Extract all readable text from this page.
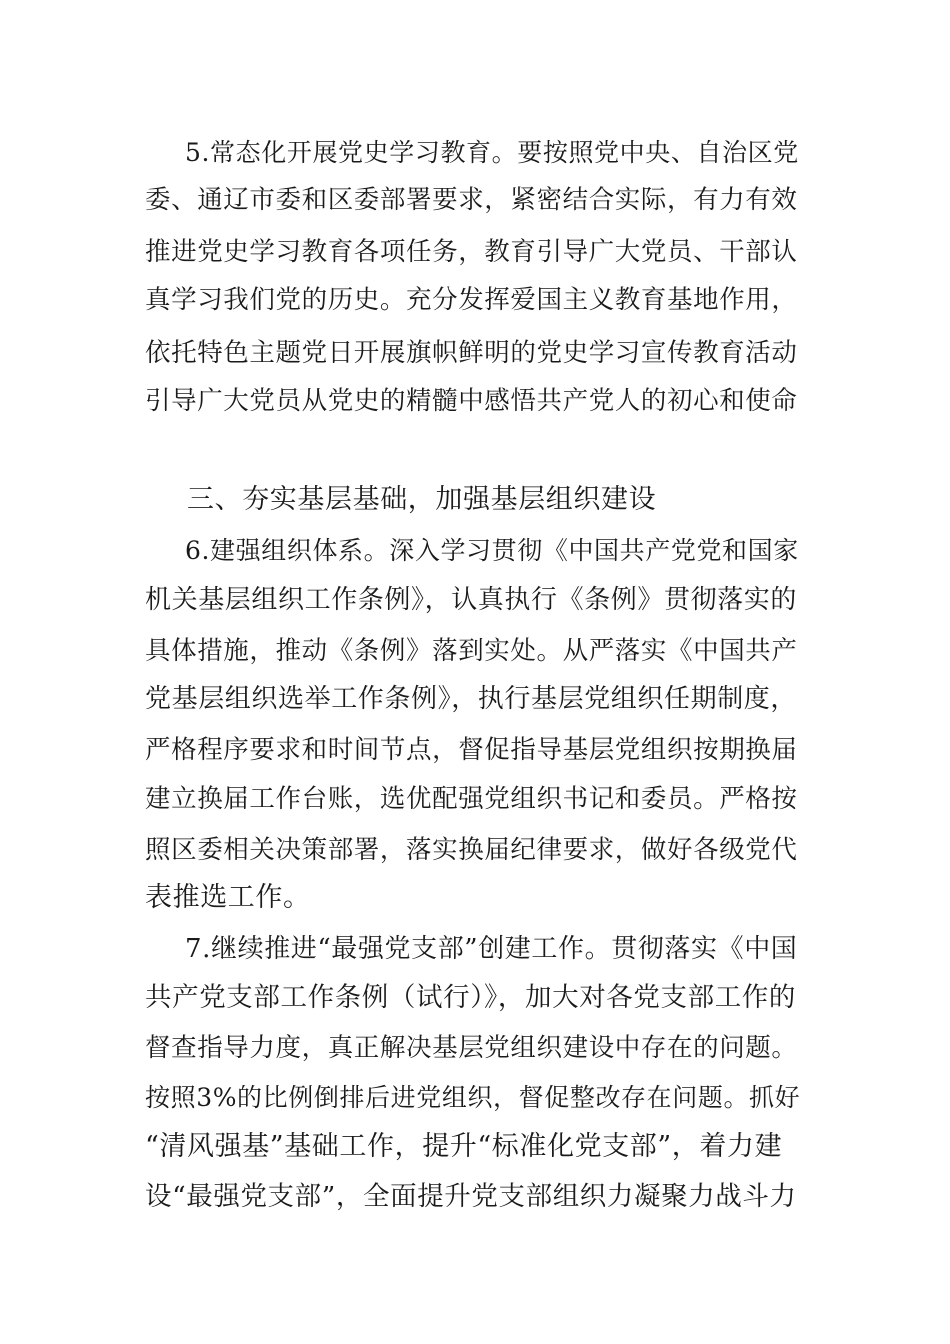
5.常态化开展党史学习教育。要按照党中央、自治区党
委、通辽市委和区委部署要求，紧密结合实际，有力有效
推进党史学习教育各项任务，教育引导广大党员、干部认
真学习我们党的历史。充分发挥爱国主义教育基地作用，
依托特色主题党日开展旗帜鲜明的党史学习宣传教育活动
引导广大党员从党史的精髓中感悟共产党人的初心和使命
三、夯实基层基础，加强基层组织建设
6.建强组织体系。深入学习贯彻《中国共产党党和国家
机关基层组织工作条例》，认真执行《条例》贯彻落实的
具体措施，推动《条例》落到实处。从严落实《中国共产
党基层组织选举工作条例》，执行基层党组织任期制度，
严格程序要求和时间节点，督促指导基层党组织按期换届
建立换届工作台账，选优配强党组织书记和委员。严格按
照区委相关决策部署，落实换届纪律要求，做好各级党代
表推选工作。
7.继续推进“最强党支部”创建工作。贯彻落实《中国
共产党支部工作条例（试行）》，加大对各党支部工作的
督查指导力度，真正解决基层党组织建设中存在的问题。
按照3%的比例倒排后进党组织，督促整改存在问题。抓好
“清风强基”基础工作，提升“标准化党支部”，着力建
设“最强党支部”，全面提升党支部组织力凝聚力战斗力
